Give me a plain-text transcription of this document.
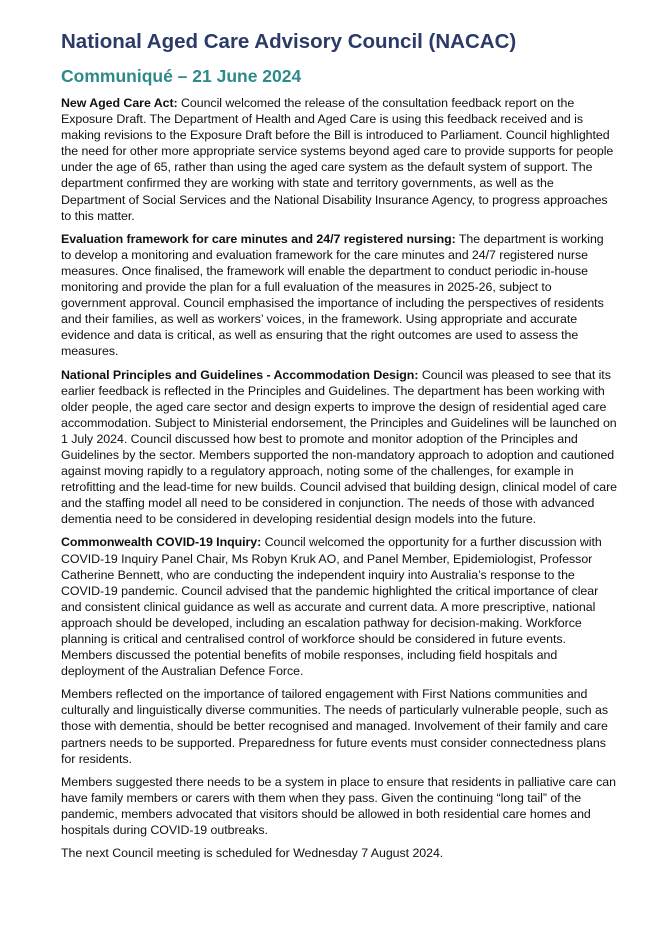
National Aged Care Advisory Council (NACAC)
Communiqué – 21 June 2024

New Aged Care Act: Council welcomed the release of the consultation feedback report on the Exposure Draft. The Department of Health and Aged Care is using this feedback received and is making revisions to the Exposure Draft before the Bill is introduced to Parliament. Council highlighted the need for other more appropriate service systems beyond aged care to provide supports for people under the age of 65, rather than using the aged care system as the default system of support. The department confirmed they are working with state and territory governments, as well as the Department of Social Services and the National Disability Insurance Agency, to progress approaches to this matter.

Evaluation framework for care minutes and 24/7 registered nursing: The department is working to develop a monitoring and evaluation framework for the care minutes and 24/7 registered nurse measures. Once finalised, the framework will enable the department to conduct periodic in-house monitoring and provide the plan for a full evaluation of the measures in 2025-26, subject to government approval. Council emphasised the importance of including the perspectives of residents and their families, as well as workers’ voices, in the framework. Using appropriate and accurate evidence and data is critical, as well as ensuring that the right outcomes are used to assess the measures.

National Principles and Guidelines - Accommodation Design: Council was pleased to see that its earlier feedback is reflected in the Principles and Guidelines. The department has been working with older people, the aged care sector and design experts to improve the design of residential aged care accommodation. Subject to Ministerial endorsement, the Principles and Guidelines will be launched on 1 July 2024. Council discussed how best to promote and monitor adoption of the Principles and Guidelines by the sector. Members supported the non-mandatory approach to adoption and cautioned against moving rapidly to a regulatory approach, noting some of the challenges, for example in retrofitting and the lead-time for new builds. Council advised that building design, clinical model of care and the staffing model all need to be considered in conjunction. The needs of those with advanced dementia need to be considered in developing residential design models into the future.

Commonwealth COVID-19 Inquiry: Council welcomed the opportunity for a further discussion with COVID-19 Inquiry Panel Chair, Ms Robyn Kruk AO, and Panel Member, Epidemiologist, Professor Catherine Bennett, who are conducting the independent inquiry into Australia’s response to the COVID-19 pandemic. Council advised that the pandemic highlighted the critical importance of clear and consistent clinical guidance as well as accurate and current data. A more prescriptive, national approach should be developed, including an escalation pathway for decision-making. Workforce planning is critical and centralised control of workforce should be considered in future events. Members discussed the potential benefits of mobile responses, including field hospitals and deployment of the Australian Defence Force.

Members reflected on the importance of tailored engagement with First Nations communities and culturally and linguistically diverse communities. The needs of particularly vulnerable people, such as those with dementia, should be better recognised and managed. Involvement of their family and care partners needs to be supported. Preparedness for future events must consider connectedness plans for residents.

Members suggested there needs to be a system in place to ensure that residents in palliative care can have family members or carers with them when they pass. Given the continuing “long tail” of the pandemic, members advocated that visitors should be allowed in both residential care homes and hospitals during COVID-19 outbreaks.

The next Council meeting is scheduled for Wednesday 7 August 2024.
